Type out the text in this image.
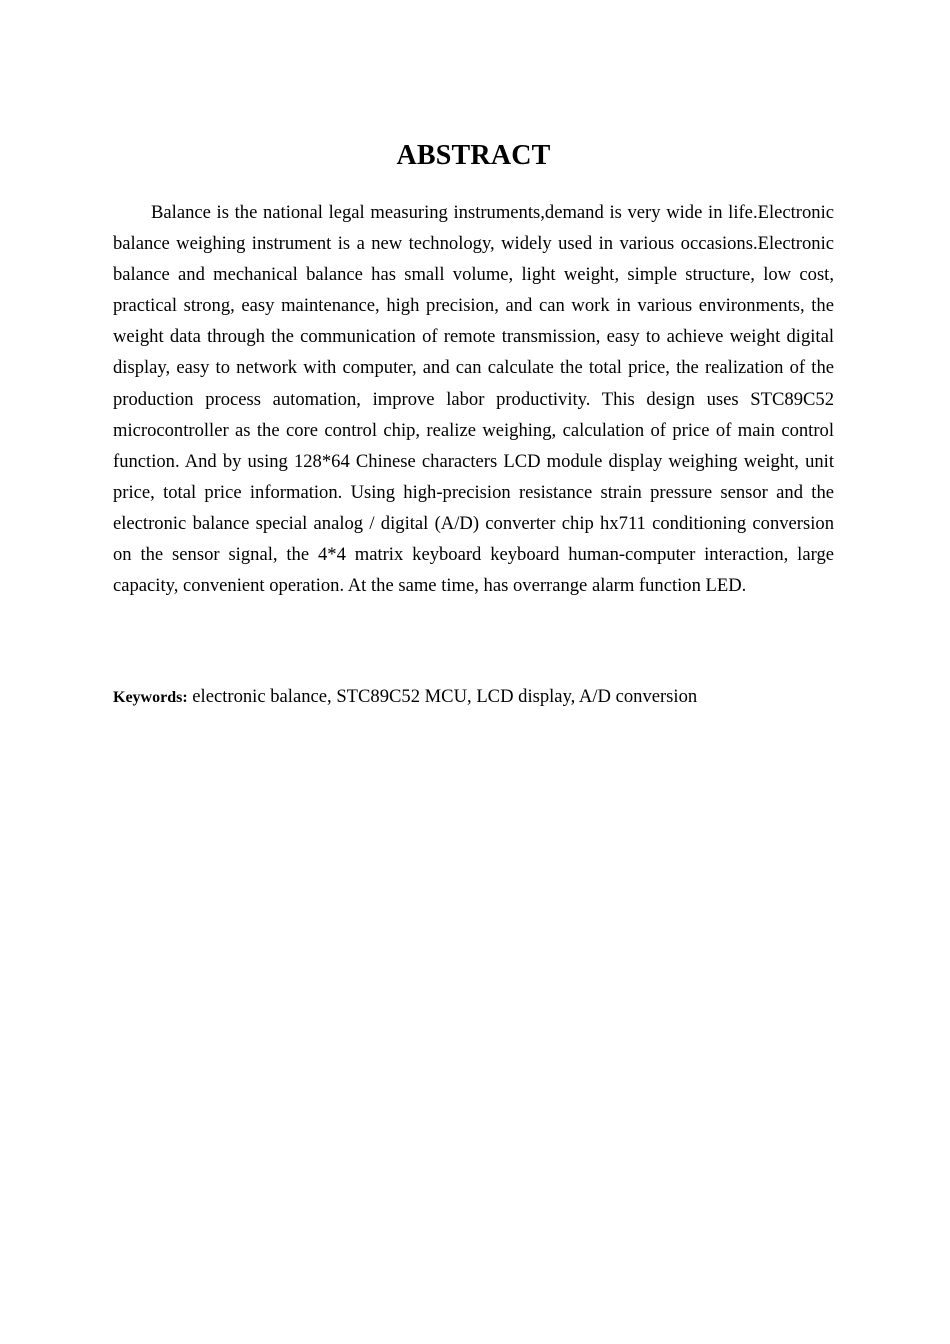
ABSTRACT

Balance is the national legal measuring instruments,demand is very wide in life.Electronic balance weighing instrument is a new technology, widely used in various occasions.Electronic balance and mechanical balance has small volume, light weight, simple structure, low cost, practical strong, easy maintenance, high precision, and can work in various environments, the weight data through the communication of remote transmission, easy to achieve weight digital display, easy to network with computer, and can calculate the total price, the realization of the production process automation, improve labor productivity. This design uses STC89C52 microcontroller as the core control chip, realize weighing, calculation of price of main control function. And by using 128*64 Chinese characters LCD module display weighing weight, unit price, total price information. Using high-precision resistance strain pressure sensor and the electronic balance special analog / digital (A/D) converter chip hx711 conditioning conversion on the sensor signal, the 4*4 matrix keyboard keyboard human-computer interaction, large capacity, convenient operation. At the same time, has overrange alarm function LED.

Keywords: electronic balance, STC89C52 MCU, LCD display, A/D conversion
